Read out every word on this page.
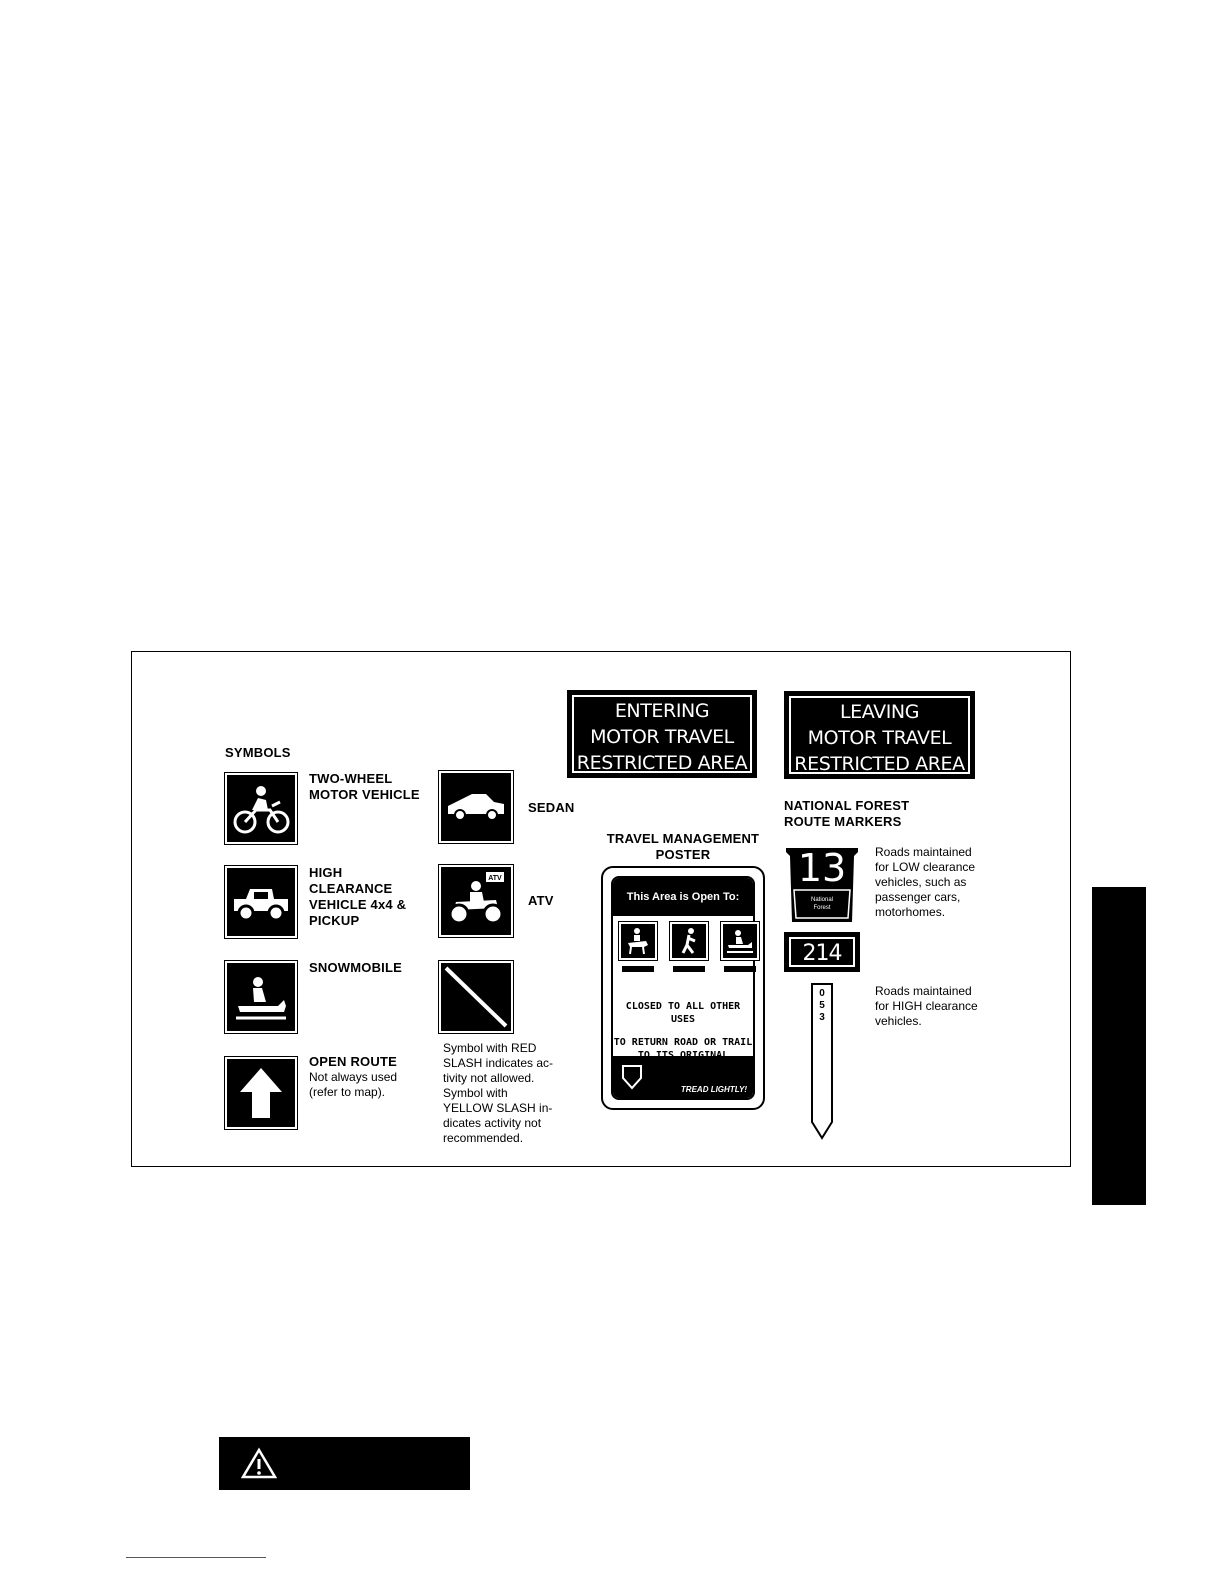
SYMBOLS
TWO-WHEEL
MOTOR VEHICLE
HIGH
CLEARANCE
VEHICLE 4x4 &
PICKUP
SNOWMOBILE
OPEN ROUTE
Not always used
(refer to map).
SEDAN
ATV
ATV
Symbol with RED
SLASH indicates ac-
tivity not allowed.
Symbol with
YELLOW SLASH in-
dicates activity not
recommended.
ENTERING
MOTOR TRAVEL
RESTRICTED AREA
LEAVING
MOTOR TRAVEL
RESTRICTED AREA
TRAVEL MANAGEMENT
POSTER
This Area is Open To:
CLOSED TO ALL OTHER USES
TO RETURN ROAD OR TRAIL
TREAD LIGHTLY!
NATIONAL FOREST
ROUTE MARKERS
13
National
Forest
Roads maintained
for LOW clearance
vehicles, such as
passenger cars,
motorhomes.
214
0
5
3
Roads maintained
for HIGH clearance
vehicles.
